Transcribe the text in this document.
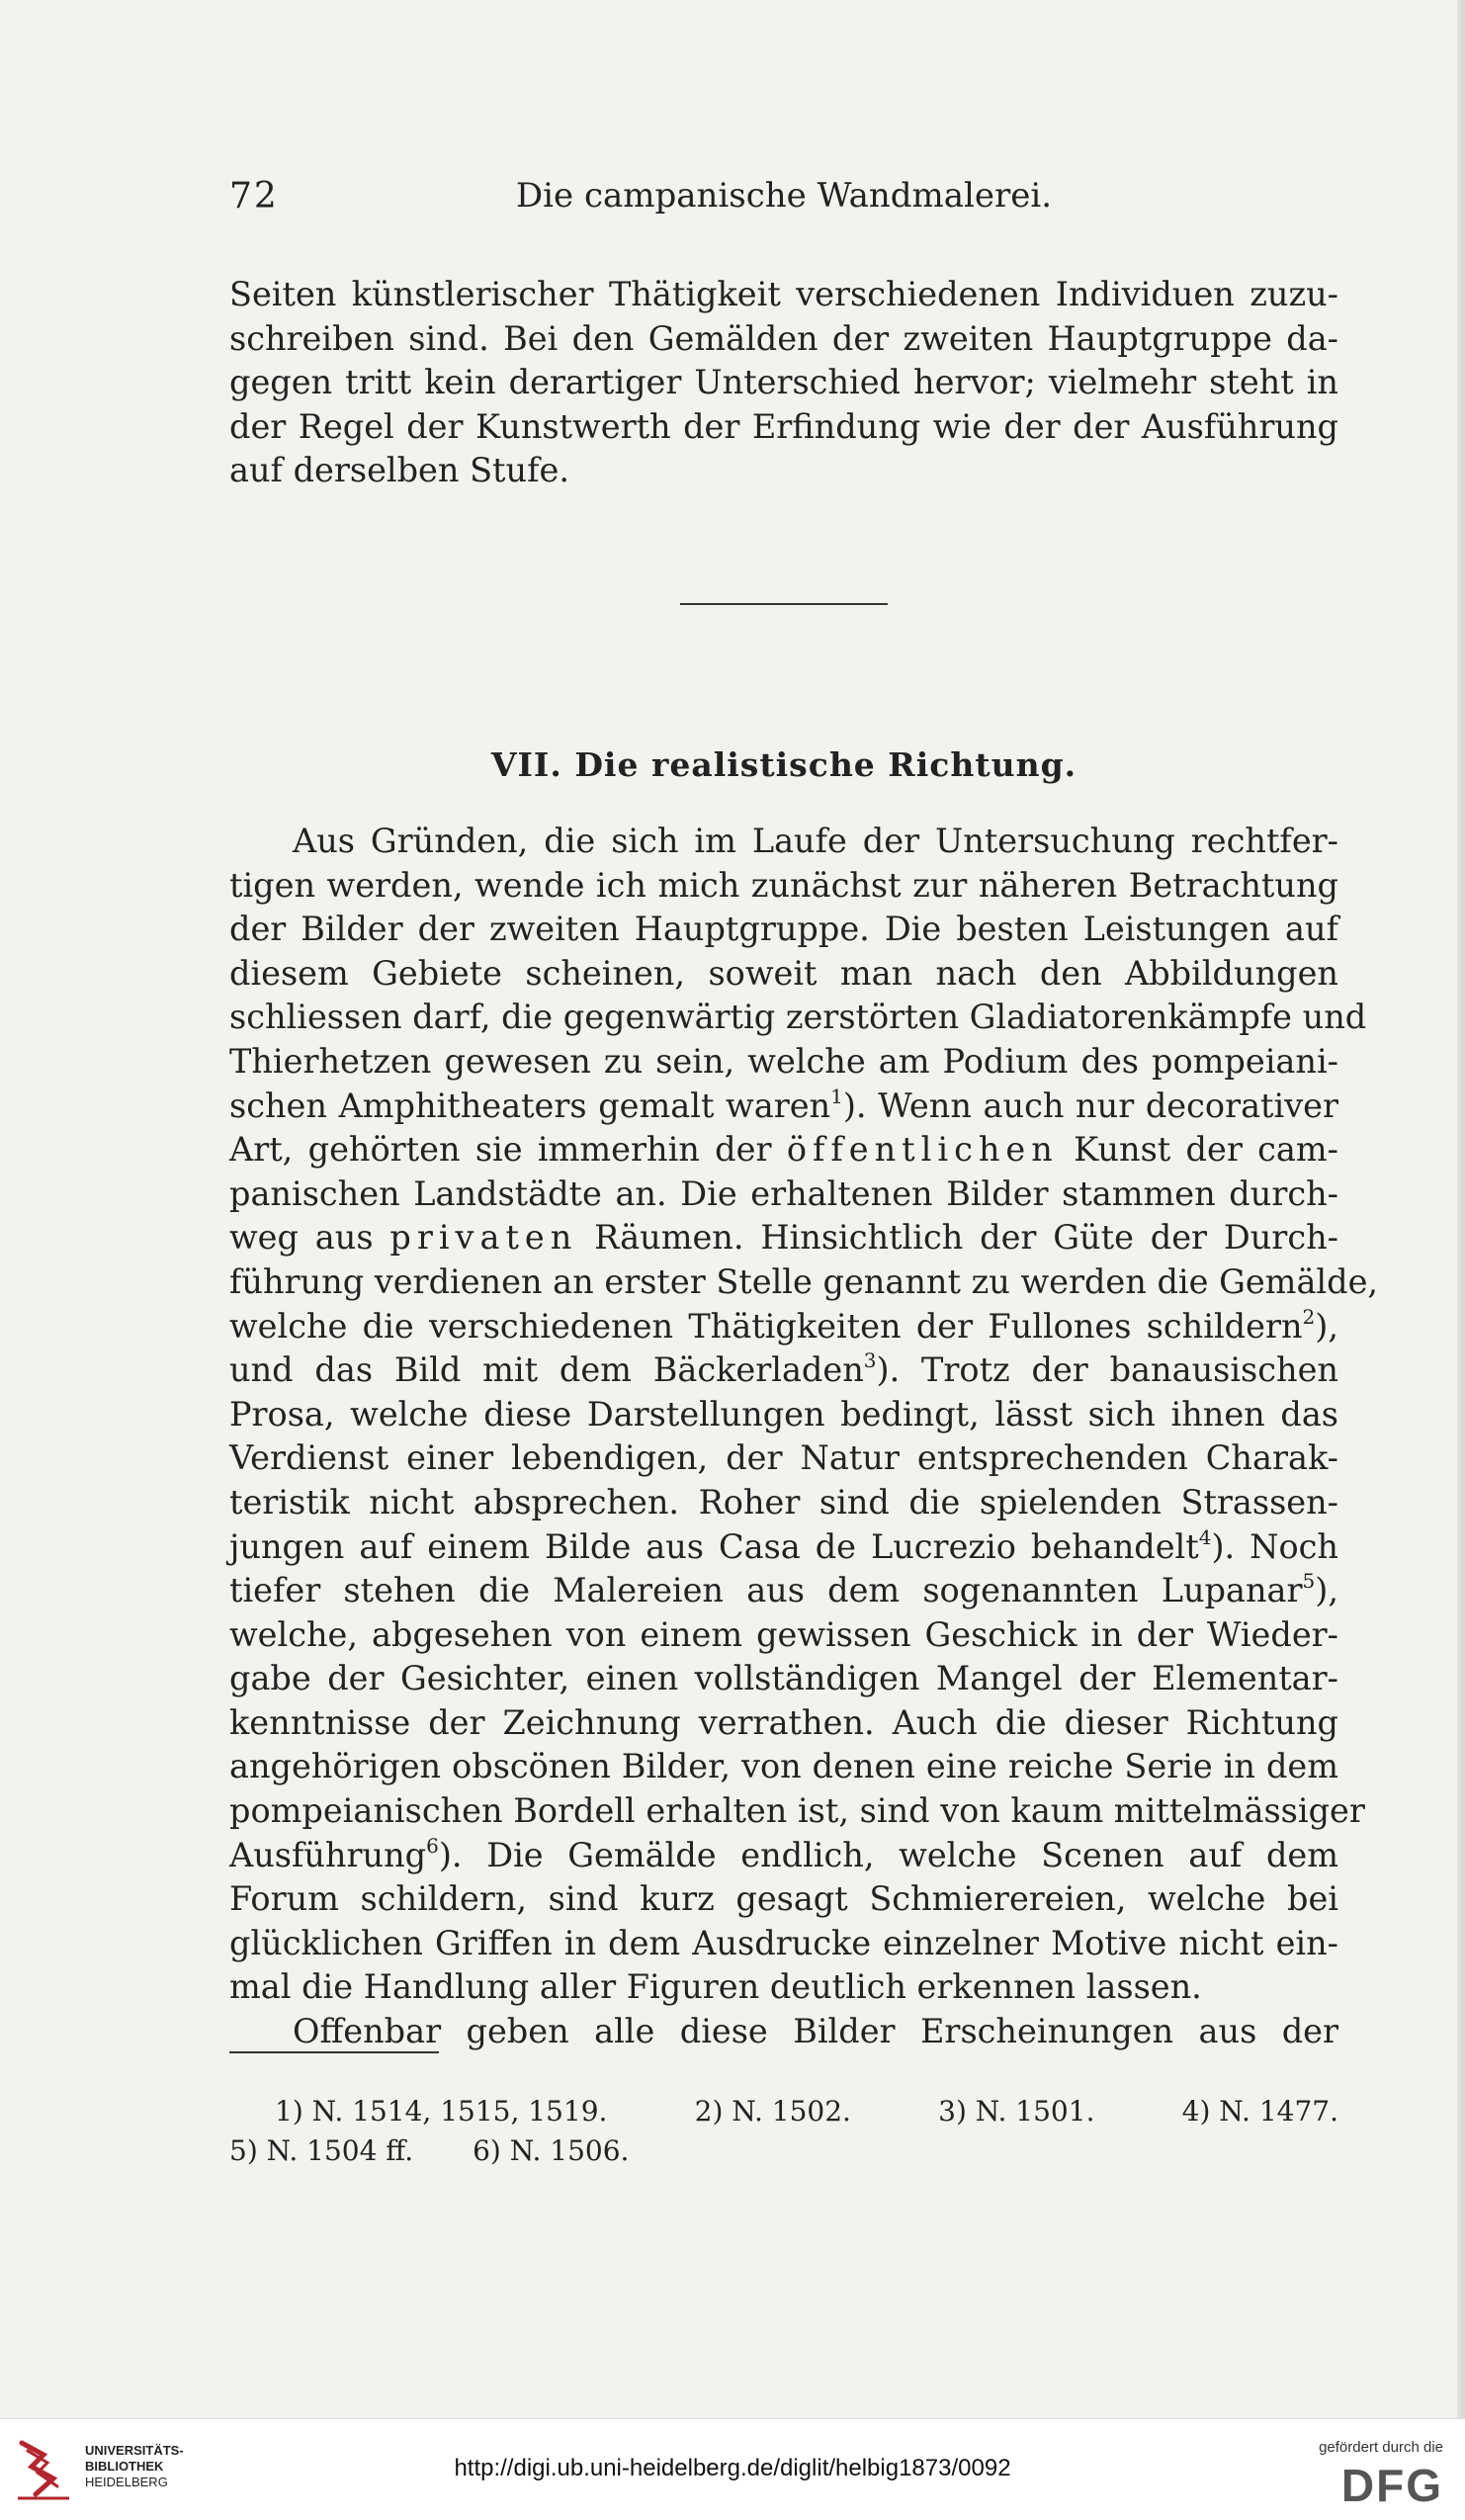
72	Die campanische Wandmalerei.
Seiten künstlerischer Thätigkeit verschiedenen Individuen zuzu-
schreiben sind. Bei den Gemälden der zweiten Hauptgruppe da-
gegen tritt kein derartiger Unterschied hervor; vielmehr steht in
der Regel der Kunstwerth der Erfindung wie der der Ausführung
auf derselben Stufe.
VII. Die realistische Richtung.
Aus Gründen, die sich im Laufe der Untersuchung rechtfer-
tigen werden, wende ich mich zunächst zur näheren Betrachtung
der Bilder der zweiten Hauptgruppe. Die besten Leistungen auf
diesem Gebiete scheinen, soweit man nach den Abbildungen
schliessen darf, die gegenwärtig zerstörten Gladiatorenkämpfe und
Thierhetzen gewesen zu sein, welche am Podium des pompeiani-
schen Amphitheaters gemalt waren$^1$). Wenn auch nur decorativer
Art, gehörten sie immerhin der öffentlichen Kunst der cam-
panischen Landstädte an. Die erhaltenen Bilder stammen durch-
weg aus privaten Räumen. Hinsichtlich der Güte der Durch-
führung verdienen an erster Stelle genannt zu werden die Gemälde,
welche die verschiedenen Thätigkeiten der Fullones schildern$^2$),
und das Bild mit dem Bäckerladen$^3$). Trotz der banausischen
Prosa, welche diese Darstellungen bedingt, lässt sich ihnen das
Verdienst einer lebendigen, der Natur entsprechenden Charak-
teristik nicht absprechen. Roher sind die spielenden Strassen-
jungen auf einem Bilde aus Casa de Lucrezio behandelt$^4$). Noch
tiefer stehen die Malereien aus dem sogenannten Lupanar$^5$),
welche, abgesehen von einem gewissen Geschick in der Wieder-
gabe der Gesichter, einen vollständigen Mangel der Elementar-
kenntnisse der Zeichnung verrathen. Auch die dieser Richtung
angehörigen obscönen Bilder, von denen eine reiche Serie in dem
pompeianischen Bordell erhalten ist, sind von kaum mittelmässiger
Ausführung$^6$). Die Gemälde endlich, welche Scenen auf dem
Forum schildern, sind kurz gesagt Schmierereien, welche bei
glücklichen Griffen in dem Ausdrucke einzelner Motive nicht ein-
mal die Handlung aller Figuren deutlich erkennen lassen.
Offenbar geben alle diese Bilder Erscheinungen aus der
1) N. 1514, 1515, 1519.	2) N. 1502.	3) N. 1501.	4) N. 1477.
5) N. 1504 ff. 6) N. 1506.
UNIVERSITÄTS-
BIBLIOTHEK
HEIDELBERG
http://digi.ub.uni-heidelberg.de/diglit/helbig1873/0092
gefördert durch die
DFG
